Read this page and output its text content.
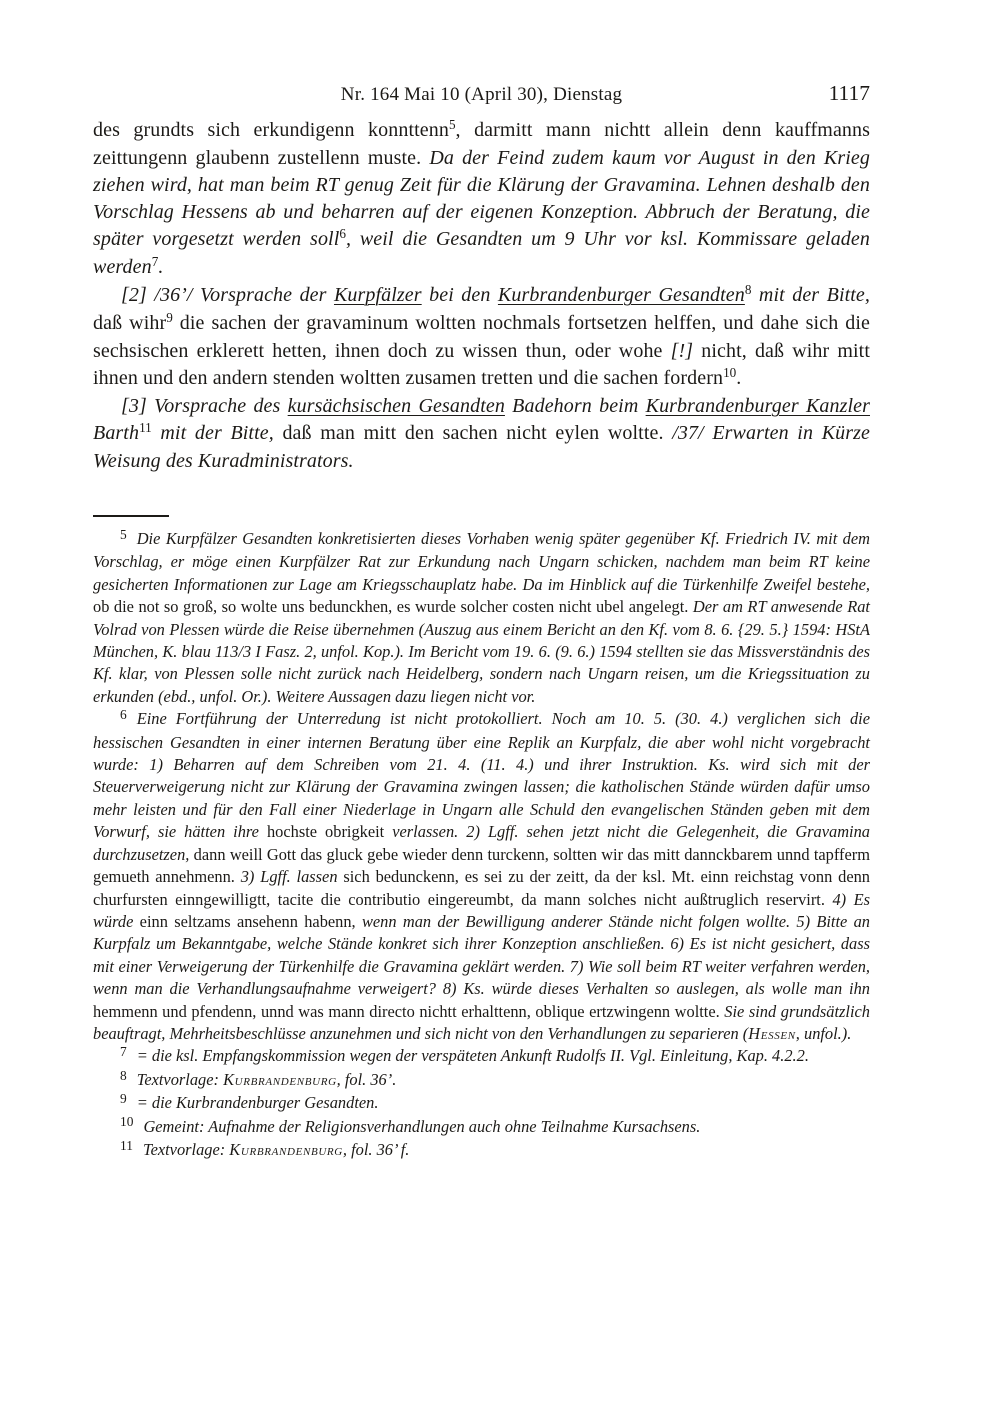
Nr. 164 Mai 10 (April 30), Dienstag	1117

des grundts sich erkundigenn konnttenn$^5$, darmitt mann nichtt allein denn kauffmanns zeittungenn glaubenn zustellenn muste. Da der Feind zudem kaum vor August in den Krieg ziehen wird, hat man beim RT genug Zeit für die Klärung der Gravamina. Lehnen deshalb den Vorschlag Hessens ab und beharren auf der eigenen Konzeption. Abbruch der Beratung, die später vorgesetzt werden soll$^6$, weil die Gesandten um 9 Uhr vor ksl. Kommissare geladen werden$^7$.

[2] /36’/ Vorsprache der Kurpfälzer bei den Kurbrandenburger Gesandten$^8$ mit der Bitte, daß wihr$^9$ die sachen der gravaminum woltten nochmals fortsetzen helffen, und dahe sich die sechsischen erklerett hetten, ihnen doch zu wissen thun, oder wohe [!] nicht, daß wihr mitt ihnen und den andern stenden woltten zusamen tretten und die sachen fordern$^{10}$.

[3] Vorsprache des kursächsischen Gesandten Badehorn beim Kurbrandenburger Kanzler Barth$^{11}$ mit der Bitte, daß man mitt den sachen nicht eylen woltte. /37/ Erwarten in Kürze Weisung des Kuradministrators.

$^5$ Die Kurpfälzer Gesandten konkretisierten dieses Vorhaben wenig später gegenüber Kf. Friedrich IV. mit dem Vorschlag, er möge einen Kurpfälzer Rat zur Erkundung nach Ungarn schicken, nachdem man beim RT keine gesicherten Informationen zur Lage am Kriegsschauplatz habe. Da im Hinblick auf die Türkenhilfe Zweifel bestehe, ob die not so groß, so wolte uns bedunckhen, es wurde solcher costen nicht ubel angelegt. Der am RT anwesende Rat Volrad von Plessen würde die Reise übernehmen (Auszug aus einem Bericht an den Kf. vom 8. 6. {29. 5.} 1594: HStA München, K. blau 113/3 I Fasz. 2, unfol. Kop.). Im Bericht vom 19. 6. (9. 6.) 1594 stellten sie das Missverständnis des Kf. klar, von Plessen solle nicht zurück nach Heidelberg, sondern nach Ungarn reisen, um die Kriegssituation zu erkunden (ebd., unfol. Or.). Weitere Aussagen dazu liegen nicht vor.

$^6$ Eine Fortführung der Unterredung ist nicht protokolliert. Noch am 10. 5. (30. 4.) verglichen sich die hessischen Gesandten in einer internen Beratung über eine Replik an Kurpfalz, die aber wohl nicht vorgebracht wurde: 1) Beharren auf dem Schreiben vom 21. 4. (11. 4.) und ihrer Instruktion. Ks. wird sich mit der Steuerverweigerung nicht zur Klärung der Gravamina zwingen lassen; die katholischen Stände würden dafür umso mehr leisten und für den Fall einer Niederlage in Ungarn alle Schuld den evangelischen Ständen geben mit dem Vorwurf, sie hätten ihre hochste obrigkeit verlassen. 2) Lgff. sehen jetzt nicht die Gelegenheit, die Gravamina durchzusetzen, dann weill Gott das gluck gebe wieder denn turckenn, soltten wir das mitt dannckbarem unnd tapfferm gemueth annehmenn. 3) Lgff. lassen sich bedunckenn, es sei zu der zeitt, da der ksl. Mt. einn reichstag vonn denn churfursten einngewilligtt, tacite die contributio eingereumbt, da mann solches nicht außtruglich reservirt. 4) Es würde einn seltzams ansehenn habenn, wenn man der Bewilligung anderer Stände nicht folgen wollte. 5) Bitte an Kurpfalz um Bekanntgabe, welche Stände konkret sich ihrer Konzeption anschließen. 6) Es ist nicht gesichert, dass mit einer Verweigerung der Türkenhilfe die Gravamina geklärt werden. 7) Wie soll beim RT weiter verfahren werden, wenn man die Verhandlungsaufnahme verweigert? 8) Ks. würde dieses Verhalten so auslegen, als wolle man ihn hemmenn und pfendenn, unnd was mann directo nichtt erhalttenn, oblique ertzwingenn woltte. Sie sind grundsätzlich beauftragt, Mehrheitsbeschlüsse anzunehmen und sich nicht von den Verhandlungen zu separieren (Hessen, unfol.).

$^7$ = die ksl. Empfangskommission wegen der verspäteten Ankunft Rudolfs II. Vgl. Einleitung, Kap. 4.2.2.

$^8$ Textvorlage: Kurbrandenburg, fol. 36’.

$^9$ = die Kurbrandenburger Gesandten.

$^{10}$ Gemeint: Aufnahme der Religionsverhandlungen auch ohne Teilnahme Kursachsens.

$^{11}$ Textvorlage: Kurbrandenburg, fol. 36’ f.
